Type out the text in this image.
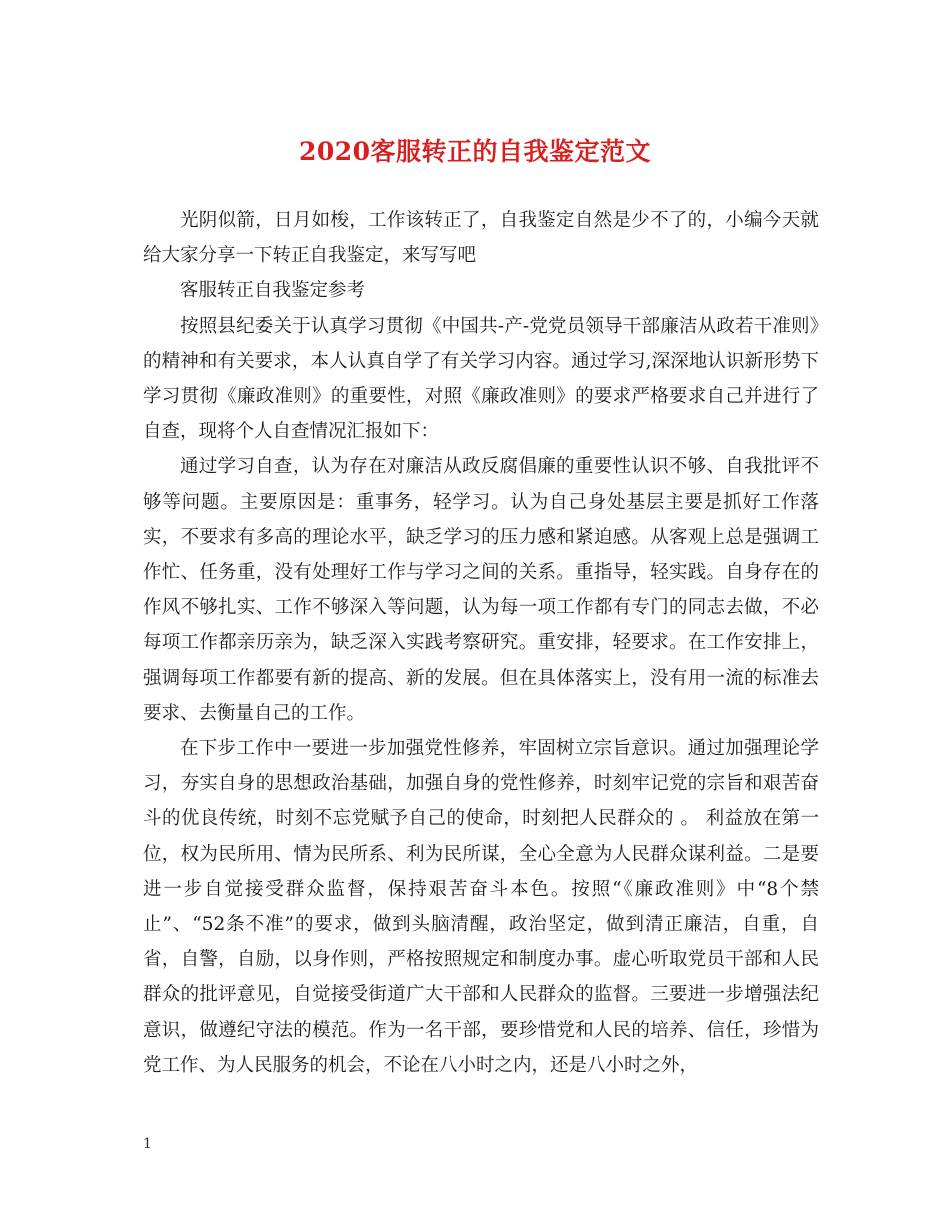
2020客服转正的自我鉴定范文

光阴似箭，日月如梭，工作该转正了，自我鉴定自然是少不了的，小编今天就给大家分享一下转正自我鉴定，来写写吧

客服转正自我鉴定参考

按照县纪委关于认真学习贯彻《中国共-产-党党员领导干部廉洁从政若干准则》的精神和有关要求，本人认真自学了有关学习内容。通过学习,深深地认识新形势下学习贯彻《廉政准则》的重要性，对照《廉政准则》的要求严格要求自己并进行了自查，现将个人自查情况汇报如下：

通过学习自查，认为存在对廉洁从政反腐倡廉的重要性认识不够、自我批评不够等问题。主要原因是：重事务，轻学习。认为自己身处基层主要是抓好工作落实，不要求有多高的理论水平，缺乏学习的压力感和紧迫感。从客观上总是强调工作忙、任务重，没有处理好工作与学习之间的关系。重指导，轻实践。自身存在的作风不够扎实、工作不够深入等问题，认为每一项工作都有专门的同志去做，不必每项工作都亲历亲为，缺乏深入实践考察研究。重安排，轻要求。在工作安排上，强调每项工作都要有新的提高、新的发展。但在具体落实上，没有用一流的标准去要求、去衡量自己的工作。

在下步工作中一要进一步加强党性修养，牢固树立宗旨意识。通过加强理论学习，夯实自身的思想政治基础，加强自身的党性修养，时刻牢记党的宗旨和艰苦奋斗的优良传统，时刻不忘党赋予自己的使命，时刻把人民群众的 。 利益放在第一位，权为民所用、情为民所系、利为民所谋，全心全意为人民群众谋利益。二是要进一步自觉接受群众监督，保持艰苦奋斗本色。按照“《廉政准则》中“8个禁止”、“52条不准”的要求，做到头脑清醒，政治坚定，做到清正廉洁，自重，自省，自警，自励，以身作则，严格按照规定和制度办事。虚心听取党员干部和人民群众的批评意见，自觉接受街道广大干部和人民群众的监督。三要进一步增强法纪意识，做遵纪守法的模范。作为一名干部，要珍惜党和人民的培养、信任，珍惜为党工作、为人民服务的机会，不论在八小时之内，还是八小时之外，

1
